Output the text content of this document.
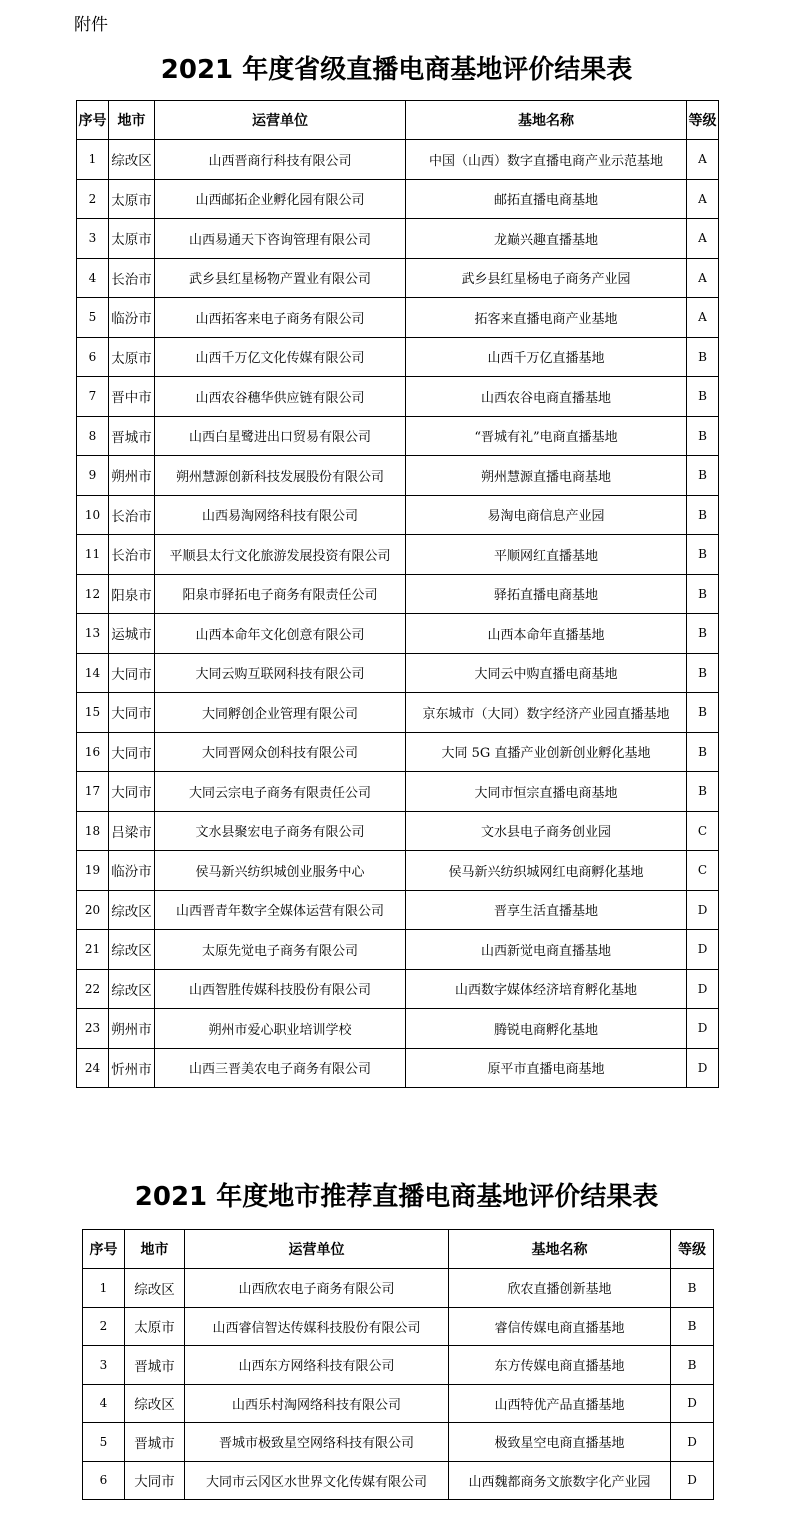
附件
2021 年度省级直播电商基地评价结果表
序号	地市	运营单位	基地名称	等级
1	综改区	山西晋商行科技有限公司	中国（山西）数字直播电商产业示范基地	A
2	太原市	山西邮拓企业孵化园有限公司	邮拓直播电商基地	A
3	太原市	山西易通天下咨询管理有限公司	龙巅兴趣直播基地	A
4	长治市	武乡县红星杨物产置业有限公司	武乡县红星杨电子商务产业园	A
5	临汾市	山西拓客来电子商务有限公司	拓客来直播电商产业基地	A
6	太原市	山西千万亿文化传媒有限公司	山西千万亿直播基地	B
7	晋中市	山西农谷穗华供应链有限公司	山西农谷电商直播基地	B
8	晋城市	山西白星鹭进出口贸易有限公司	“晋城有礼”电商直播基地	B
9	朔州市	朔州慧源创新科技发展股份有限公司	朔州慧源直播电商基地	B
10	长治市	山西易淘网络科技有限公司	易淘电商信息产业园	B
11	长治市	平顺县太行文化旅游发展投资有限公司	平顺网红直播基地	B
12	阳泉市	阳泉市驿拓电子商务有限责任公司	驿拓直播电商基地	B
13	运城市	山西本命年文化创意有限公司	山西本命年直播基地	B
14	大同市	大同云购互联网科技有限公司	大同云中购直播电商基地	B
15	大同市	大同孵创企业管理有限公司	京东城市（大同）数字经济产业园直播基地	B
16	大同市	大同晋网众创科技有限公司	大同 5G 直播产业创新创业孵化基地	B
17	大同市	大同云宗电子商务有限责任公司	大同市恒宗直播电商基地	B
18	吕梁市	文水县聚宏电子商务有限公司	文水县电子商务创业园	C
19	临汾市	侯马新兴纺织城创业服务中心	侯马新兴纺织城网红电商孵化基地	C
20	综改区	山西晋青年数字全媒体运营有限公司	晋享生活直播基地	D
21	综改区	太原先觉电子商务有限公司	山西新觉电商直播基地	D
22	综改区	山西智胜传媒科技股份有限公司	山西数字媒体经济培育孵化基地	D
23	朔州市	朔州市爱心职业培训学校	腾锐电商孵化基地	D
24	忻州市	山西三晋美农电子商务有限公司	原平市直播电商基地	D
2021 年度地市推荐直播电商基地评价结果表
序号	地市	运营单位	基地名称	等级
1	综改区	山西欣农电子商务有限公司	欣农直播创新基地	B
2	太原市	山西睿信智达传媒科技股份有限公司	睿信传媒电商直播基地	B
3	晋城市	山西东方网络科技有限公司	东方传媒电商直播基地	B
4	综改区	山西乐村淘网络科技有限公司	山西特优产品直播基地	D
5	晋城市	晋城市极致星空网络科技有限公司	极致星空电商直播基地	D
6	大同市	大同市云冈区水世界文化传媒有限公司	山西魏都商务文旅数字化产业园	D
